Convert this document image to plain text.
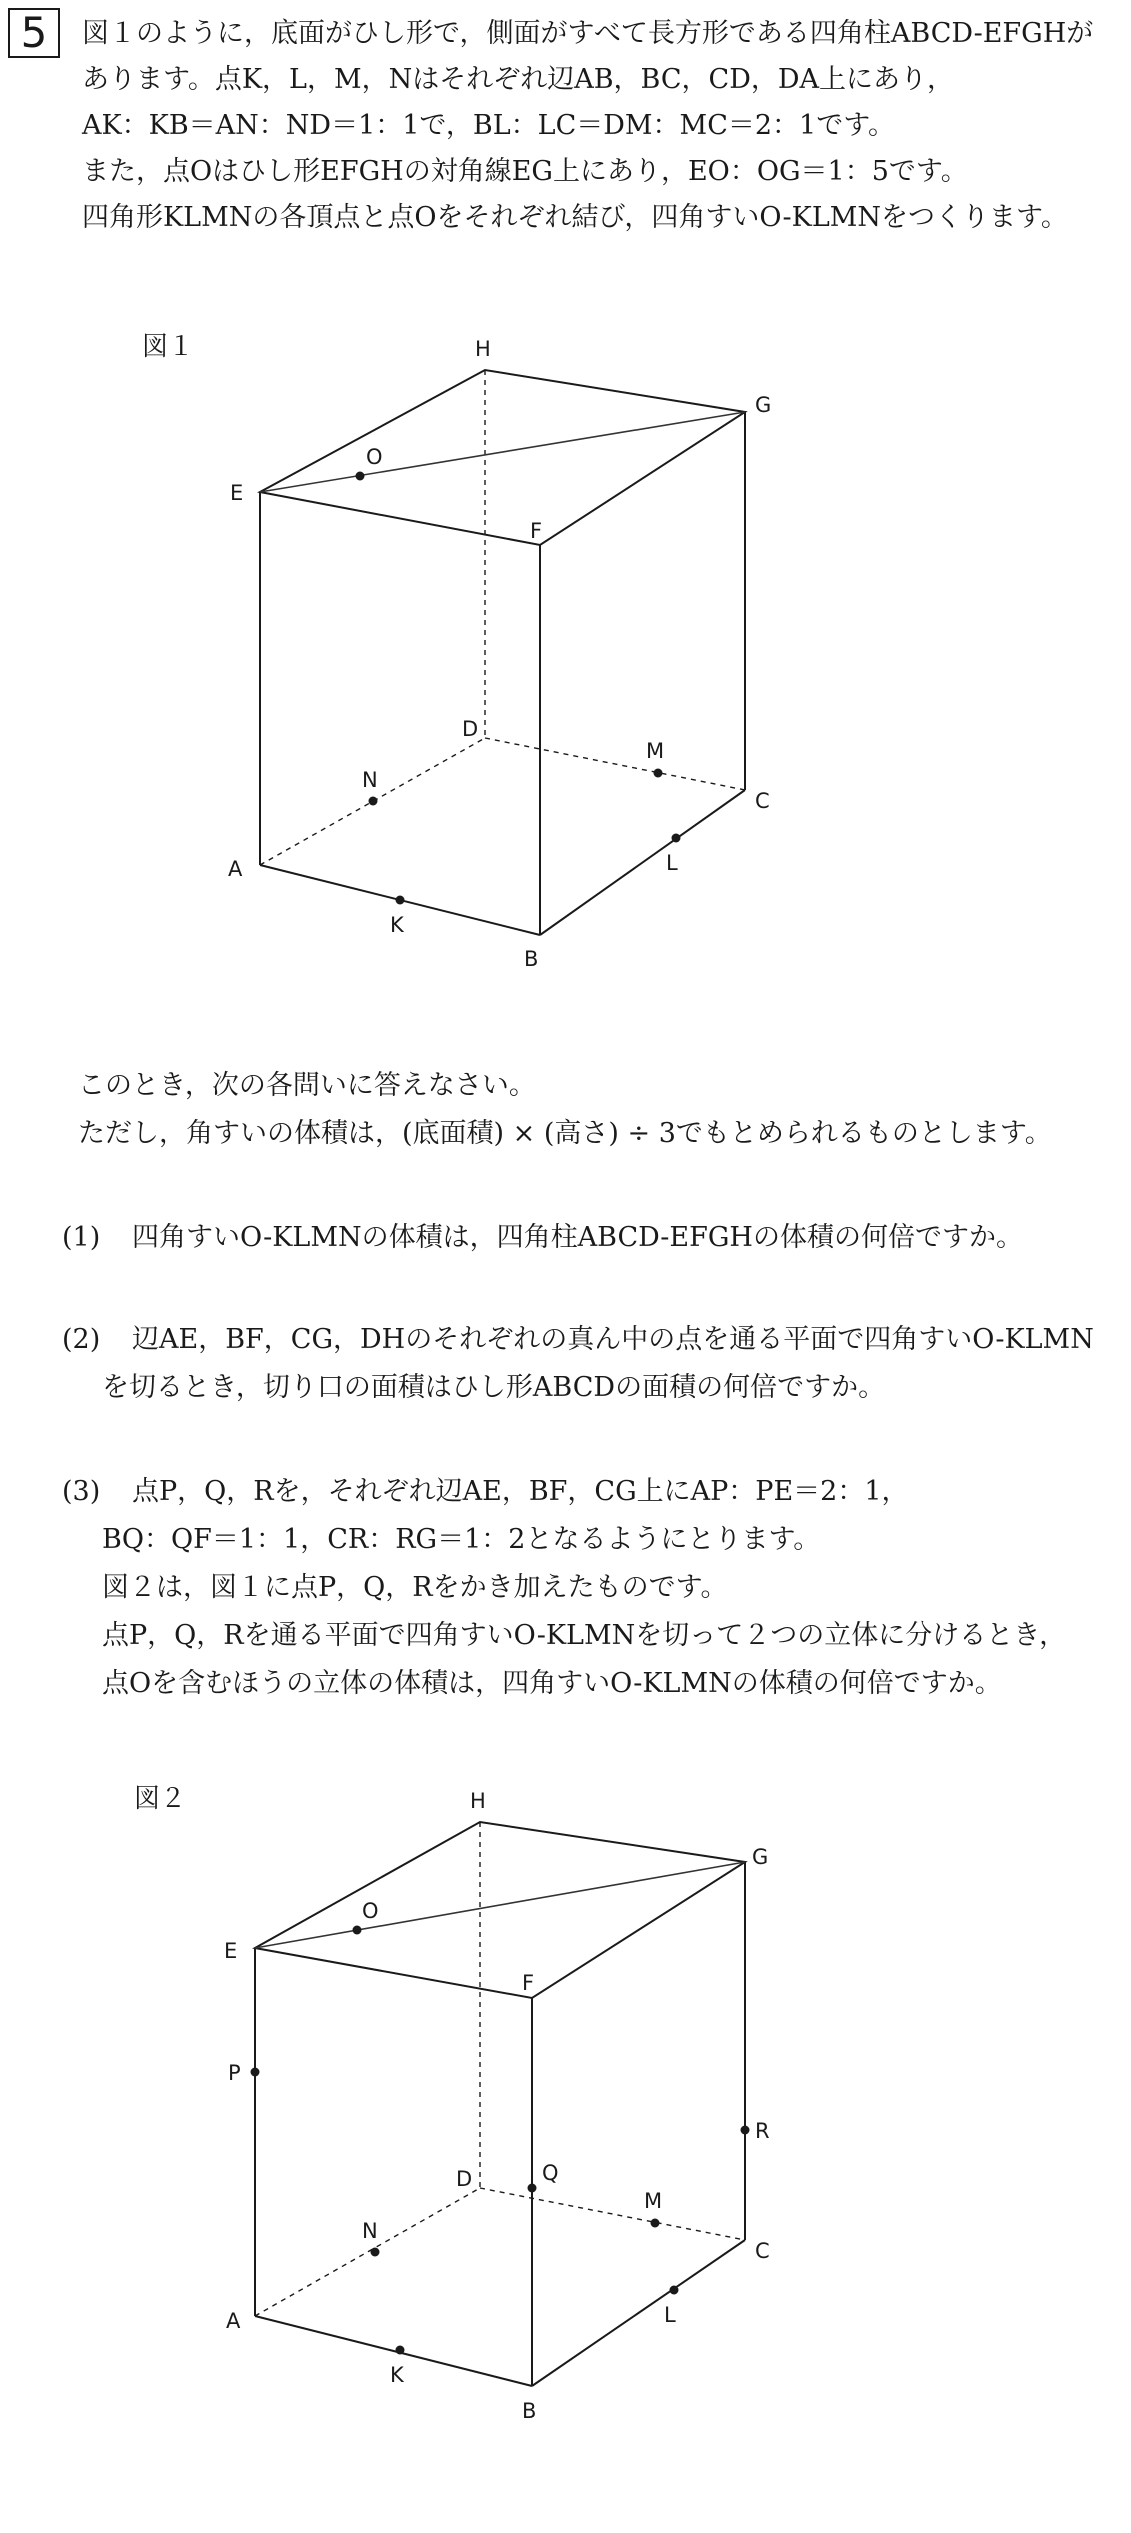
5	図１のように，底面がひし形で，側面がすべて長方形である四角柱ABCD-EFGHが
あります。点K，L，M，Nはそれぞれ辺AB，BC，CD，DA上にあり，
AK：KB＝AN：ND＝1：1で，BL：LC＝DM：MC＝2：1です。
また，点Oはひし形EFGHの対角線EG上にあり，EO：OG＝1：5です。
四角形KLMNの各頂点と点Oをそれぞれ結び，四角すいO-KLMNをつくります。
図１
E
H
G
F
D
C
A
B
O
K
L
M
N
このとき，次の各問いに答えなさい。
ただし，角すいの体積は，(底面積) × (高さ) ÷ 3でもとめられるものとします。
(1) 四角すいO-KLMNの体積は，四角柱ABCD-EFGHの体積の何倍ですか。
(2) 辺AE，BF，CG，DHのそれぞれの真ん中の点を通る平面で四角すいO-KLMN
を切るとき，切り口の面積はひし形ABCDの面積の何倍ですか。
(3) 点P，Q，Rを，それぞれ辺AE，BF，CG上にAP：PE＝2：1，
BQ：QF＝1：1，CR：RG＝1：2となるようにとります。
図２は，図１に点P，Q，Rをかき加えたものです。
点P，Q，Rを通る平面で四角すいO-KLMNを切って２つの立体に分けるとき，
点Oを含むほうの立体の体積は，四角すいO-KLMNの体積の何倍ですか。
図２
E
H
G
F
D
C
A
B
O
K
L
M
N
P
Q
R
